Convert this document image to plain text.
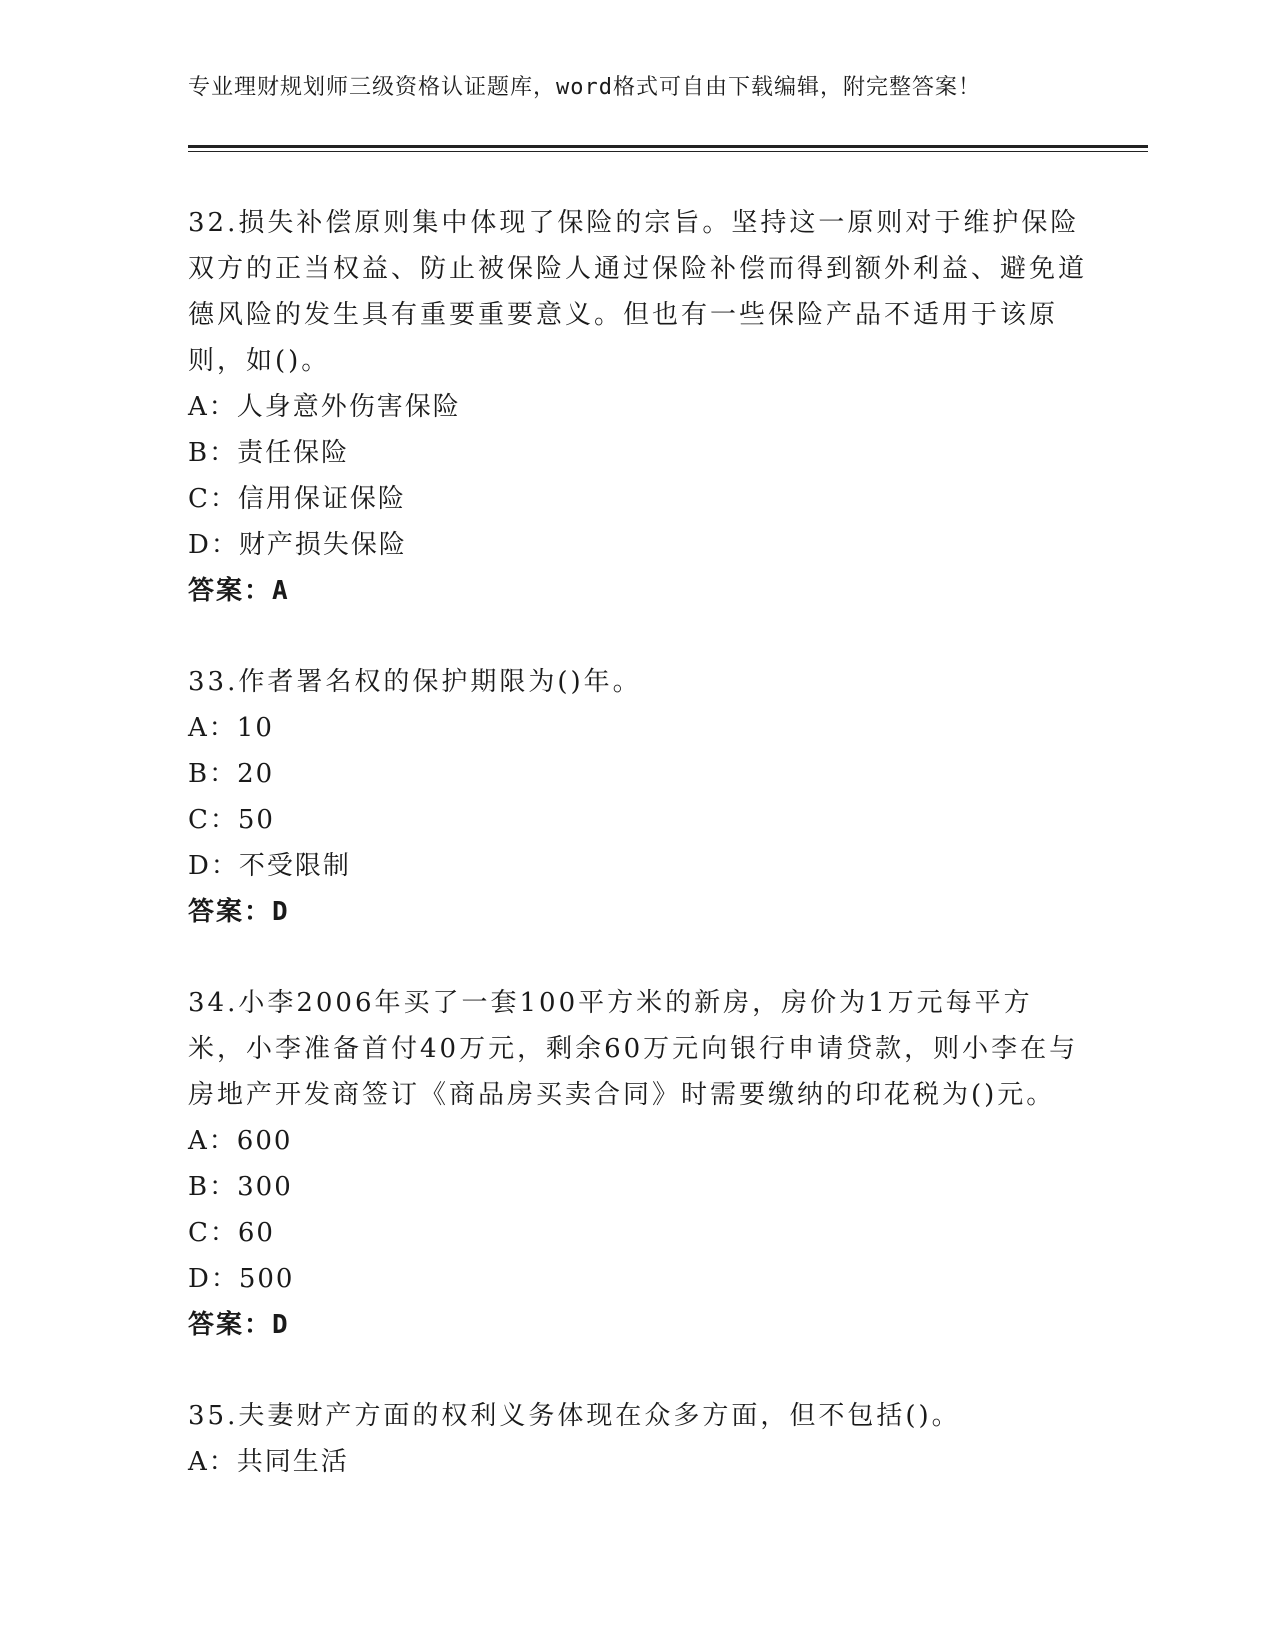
专业理财规划师三级资格认证题库，word格式可自由下载编辑，附完整答案！

32.损失补偿原则集中体现了保险的宗旨。坚持这一原则对于维护保险双方的正当权益、防止被保险人通过保险补偿而得到额外利益、避免道德风险的发生具有重要重要意义。但也有一些保险产品不适用于该原则，如()。

A：人身意外伤害保险

B：责任保险

C：信用保证保险

D：财产损失保险

答案：A

33.作者署名权的保护期限为()年。

A：10

B：20

C：50

D：不受限制

答案：D

34.小李2006年买了一套100平方米的新房，房价为1万元每平方米，小李准备首付40万元，剩余60万元向银行申请贷款，则小李在与房地产开发商签订《商品房买卖合同》时需要缴纳的印花税为()元。

A：600

B：300

C：60

D：500

答案：D

35.夫妻财产方面的权利义务体现在众多方面，但不包括()。

A：共同生活
